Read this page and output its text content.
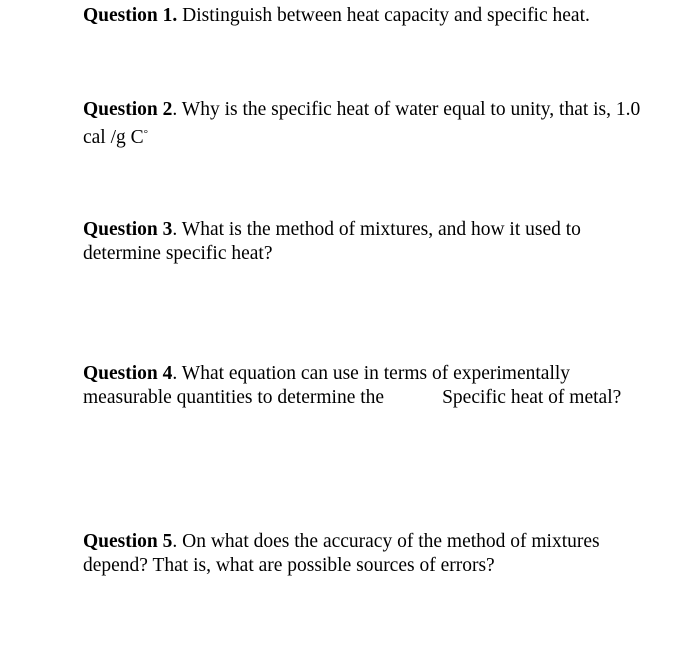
Question 1. Distinguish between heat capacity and specific heat.

Question 2. Why is the specific heat of water equal to unity, that is, 1.0 cal /g C°

Question 3. What is the method of mixtures, and how it used to determine specific heat?

Question 4. What equation can use in terms of experimentally measurable quantities to determine the	Specific heat of metal?

Question 5. On what does the accuracy of the method of mixtures depend? That is, what are possible sources of errors?
